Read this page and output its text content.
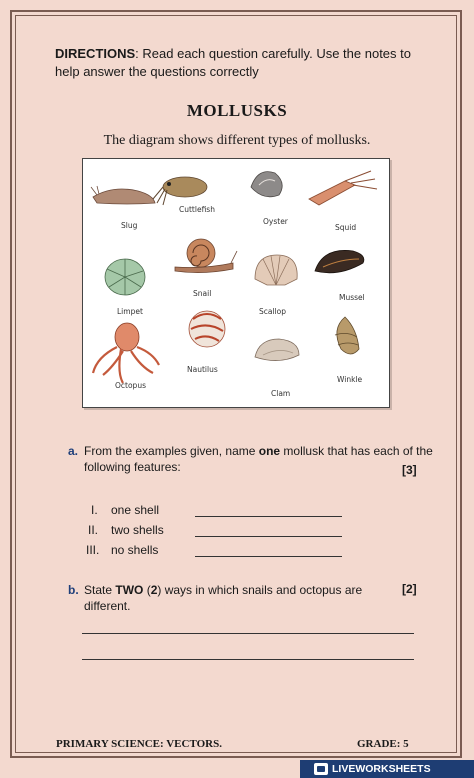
DIRECTIONS: Read each question carefully. Use the notes to help answer the questions correctly
MOLLUSKS
The diagram shows different types of mollusks.
Slug
Cuttlefish
Oyster
Squid
Snail	Mussel
Limpet	Scallop
Nautilus
Octopus
Winkle
Clam
a. From the examples given, name one mollusk that has each of the following features:	[3]
I. one shell
II. two shells
III. no shells
b. State TWO (2) ways in which snails and octopus are different.
[2]
PRIMARY SCIENCE: VECTORS.	GRADE: 5
LIVEWORKSHEETS
